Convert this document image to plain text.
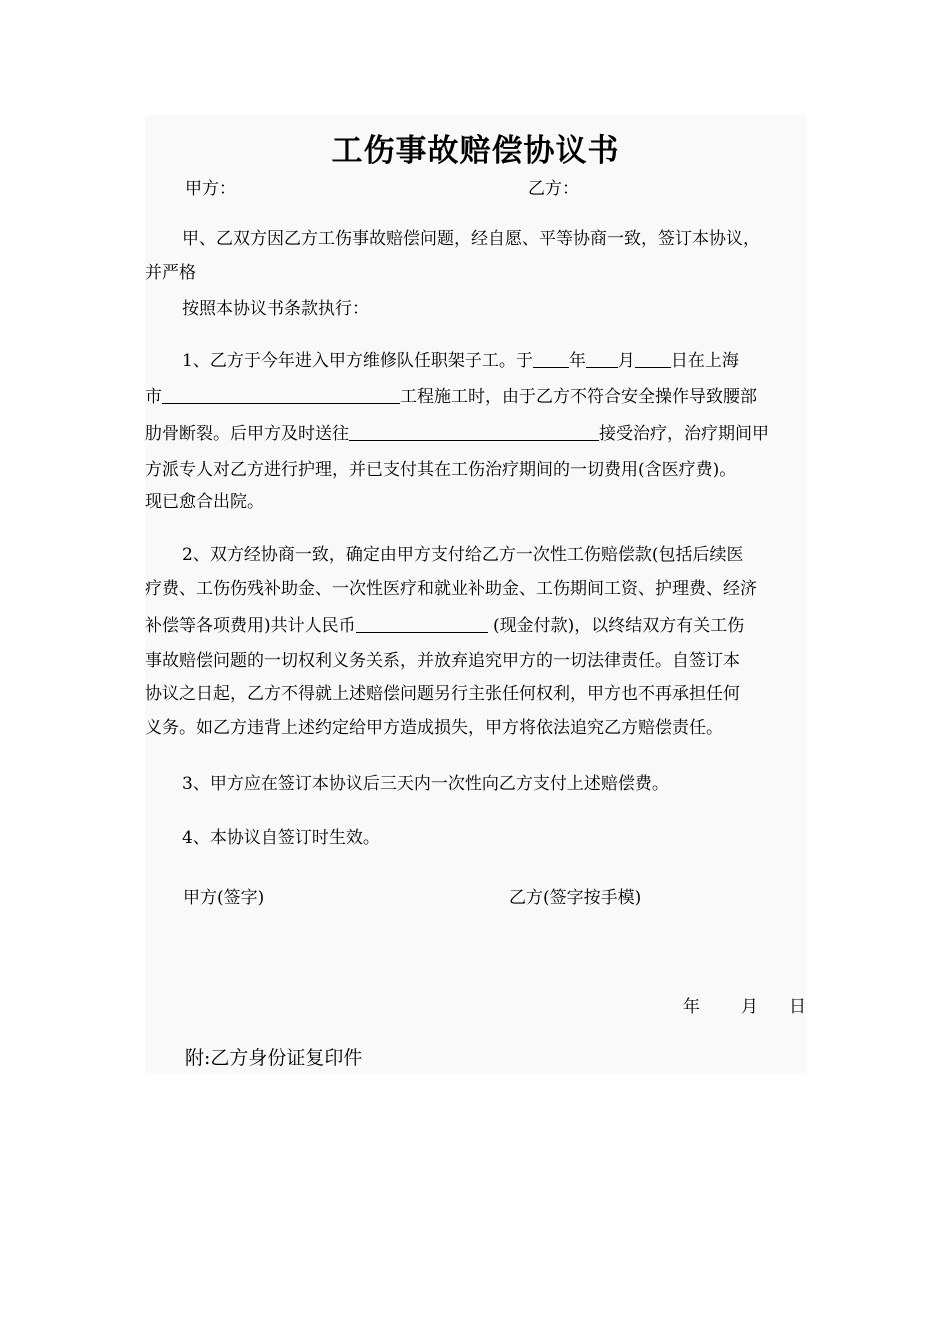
工伤事故赔偿协议书
甲方：	乙方：
甲、乙双方因乙方工伤事故赔偿问题，经自愿、平等协商一致，签订本协议，
并严格
按照本协议书条款执行：
1、乙方于今年进入甲方维修队任职架子工。于 年 月 日在上海
市	工程施工时，由于乙方不符合安全操作导致腰部
肋骨断裂。后甲方及时送往	接受治疗，治疗期间甲
方派专人对乙方进行护理，并已支付其在工伤治疗期间的一切费用(含医疗费)。
现已愈合出院。
2、双方经协商一致，确定由甲方支付给乙方一次性工伤赔偿款(包括后续医
疗费、工伤伤残补助金、一次性医疗和就业补助金、工伤期间工资、护理费、经济
补偿等各项费用)共计人民币	(现金付款)，以终结双方有关工伤
事故赔偿问题的一切权利义务关系，并放弃追究甲方的一切法律责任。自签订本
协议之日起，乙方不得就上述赔偿问题另行主张任何权利，甲方也不再承担任何
义务。如乙方违背上述约定给甲方造成损失，甲方将依法追究乙方赔偿责任。
3、甲方应在签订本协议后三天内一次性向乙方支付上述赔偿费。
4、本协议自签订时生效。
甲方(签字)	乙方(签字按手模)
年 月 日
附:乙方身份证复印件
